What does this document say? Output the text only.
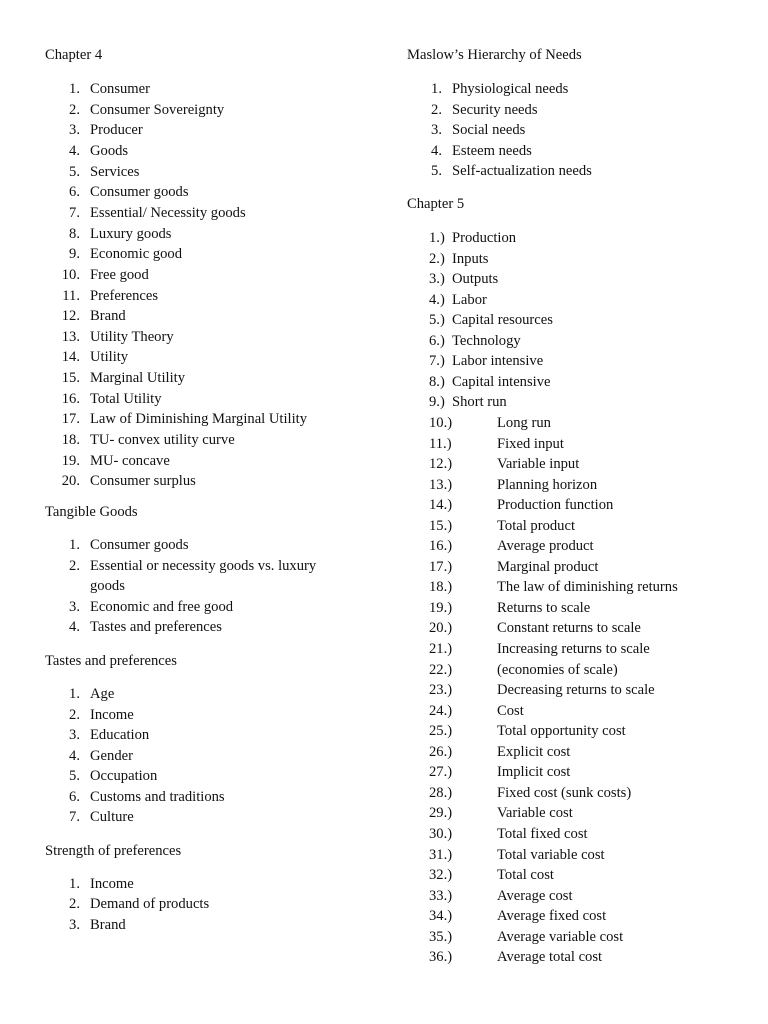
Chapter 4
1. Consumer
2. Consumer Sovereignty
3. Producer
4. Goods
5. Services
6. Consumer goods
7. Essential/ Necessity goods
8. Luxury goods
9. Economic good
10. Free good
11. Preferences
12. Brand
13. Utility Theory
14. Utility
15. Marginal Utility
16. Total Utility
17. Law of Diminishing Marginal Utility
18. TU- convex utility curve
19. MU- concave
20. Consumer surplus
Tangible Goods
1. Consumer goods
2. Essential or necessity goods vs. luxury
goods
3. Economic and free good
4. Tastes and preferences
Tastes and preferences
1. Age
2. Income
3. Education
4. Gender
5. Occupation
6. Customs and traditions
7. Culture
Strength of preferences
1. Income
2. Demand of products
3. Brand
Maslow’s Hierarchy of Needs
1. Physiological needs
2. Security needs
3. Social needs
4. Esteem needs
5. Self-actualization needs
Chapter 5
1.) Production
2.) Inputs
3.) Outputs
4.) Labor
5.) Capital resources
6.) Technology
7.) Labor intensive
8.) Capital intensive
9.) Short run
10.)	Long run
11.)	Fixed input
12.)	Variable input
13.)	Planning horizon
14.)	Production function
15.)	Total product
16.)	Average product
17.)	Marginal product
18.)	The law of diminishing returns
19.)	Returns to scale
20.)	Constant returns to scale
21.)	Increasing returns to scale
22.)	(economies of scale)
23.)	Decreasing returns to scale
24.)	Cost
25.)	Total opportunity cost
26.)	Explicit cost
27.)	Implicit cost
28.)	Fixed cost (sunk costs)
29.)	Variable cost
30.)	Total fixed cost
31.)	Total variable cost
32.)	Total cost
33.)	Average cost
34.)	Average fixed cost
35.)	Average variable cost
36.)	Average total cost
